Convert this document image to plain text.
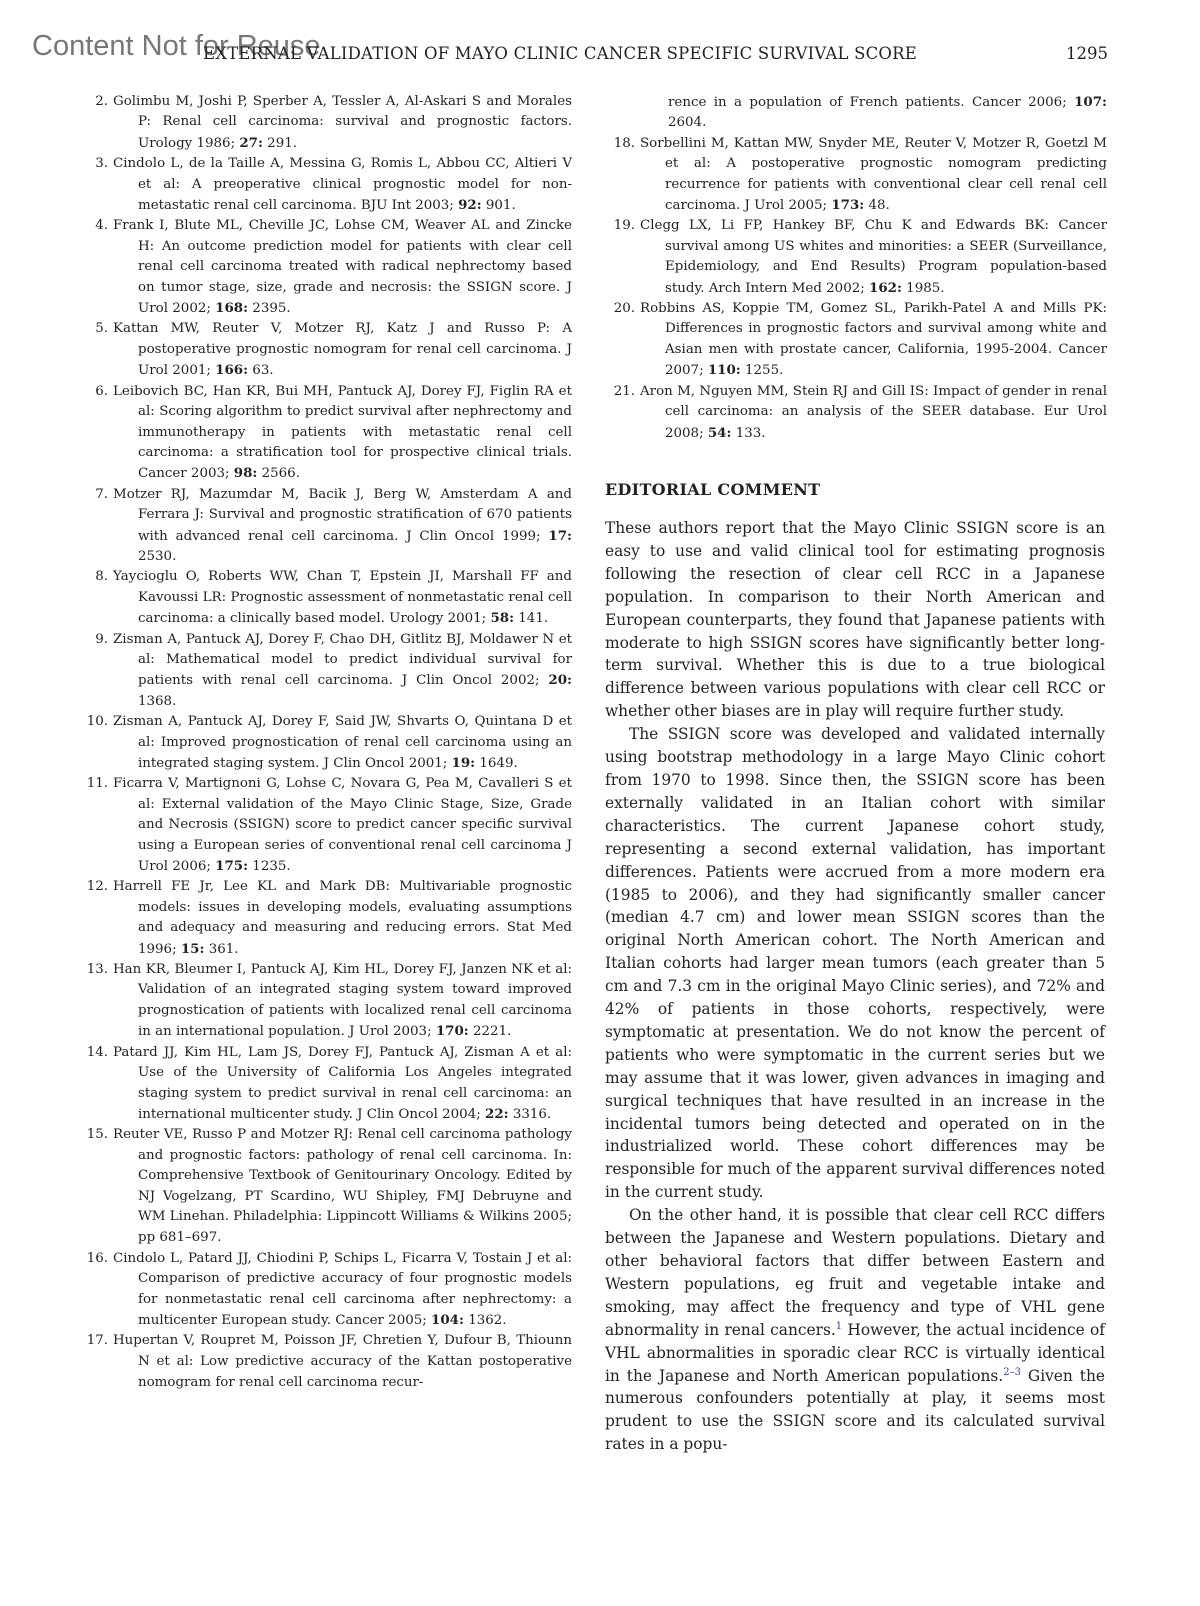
Content Not for Reuse
EXTERNAL VALIDATION OF MAYO CLINIC CANCER SPECIFIC SURVIVAL SCORE	1295
2. Golimbu M, Joshi P, Sperber A, Tessler A, Al-Askari S and Morales P: Renal cell carcinoma: survival and prognostic factors. Urology 1986; 27: 291.
3. Cindolo L, de la Taille A, Messina G, Romis L, Abbou CC, Altieri V et al: A preoperative clinical prognostic model for non-metastatic renal cell carcinoma. BJU Int 2003; 92: 901.
4. Frank I, Blute ML, Cheville JC, Lohse CM, Weaver AL and Zincke H: An outcome prediction model for patients with clear cell renal cell carcinoma treated with radical nephrectomy based on tumor stage, size, grade and necrosis: the SSIGN score. J Urol 2002; 168: 2395.
5. Kattan MW, Reuter V, Motzer RJ, Katz J and Russo P: A postoperative prognostic nomogram for renal cell carcinoma. J Urol 2001; 166: 63.
6. Leibovich BC, Han KR, Bui MH, Pantuck AJ, Dorey FJ, Figlin RA et al: Scoring algorithm to predict survival after nephrectomy and immunotherapy in patients with metastatic renal cell carcinoma: a stratification tool for prospective clinical trials. Cancer 2003; 98: 2566.
7. Motzer RJ, Mazumdar M, Bacik J, Berg W, Amsterdam A and Ferrara J: Survival and prognostic stratification of 670 patients with advanced renal cell carcinoma. J Clin Oncol 1999; 17: 2530.
8. Yaycioglu O, Roberts WW, Chan T, Epstein JI, Marshall FF and Kavoussi LR: Prognostic assessment of nonmetastatic renal cell carcinoma: a clinically based model. Urology 2001; 58: 141.
9. Zisman A, Pantuck AJ, Dorey F, Chao DH, Gitlitz BJ, Moldawer N et al: Mathematical model to predict individual survival for patients with renal cell carcinoma. J Clin Oncol 2002; 20: 1368.
10. Zisman A, Pantuck AJ, Dorey F, Said JW, Shvarts O, Quintana D et al: Improved prognostication of renal cell carcinoma using an integrated staging system. J Clin Oncol 2001; 19: 1649.
11. Ficarra V, Martignoni G, Lohse C, Novara G, Pea M, Cavalleri S et al: External validation of the Mayo Clinic Stage, Size, Grade and Necrosis (SSIGN) score to predict cancer specific survival using a European series of conventional renal cell carcinoma J Urol 2006; 175: 1235.
12. Harrell FE Jr, Lee KL and Mark DB: Multivariable prognostic models: issues in developing models, evaluating assumptions and adequacy and measuring and reducing errors. Stat Med 1996; 15: 361.
13. Han KR, Bleumer I, Pantuck AJ, Kim HL, Dorey FJ, Janzen NK et al: Validation of an integrated staging system toward improved prognostication of patients with localized renal cell carcinoma in an international population. J Urol 2003; 170: 2221.
14. Patard JJ, Kim HL, Lam JS, Dorey FJ, Pantuck AJ, Zisman A et al: Use of the University of California Los Angeles integrated staging system to predict survival in renal cell carcinoma: an international multicenter study. J Clin Oncol 2004; 22: 3316.
15. Reuter VE, Russo P and Motzer RJ: Renal cell carcinoma pathology and prognostic factors: pathology of renal cell carcinoma. In: Comprehensive Textbook of Genitourinary Oncology. Edited by NJ Vogelzang, PT Scardino, WU Shipley, FMJ Debruyne and WM Linehan. Philadelphia: Lippincott Williams & Wilkins 2005; pp 681–697.
16. Cindolo L, Patard JJ, Chiodini P, Schips L, Ficarra V, Tostain J et al: Comparison of predictive accuracy of four prognostic models for nonmetastatic renal cell carcinoma after nephrectomy: a multicenter European study. Cancer 2005; 104: 1362.
17. Hupertan V, Roupret M, Poisson JF, Chretien Y, Dufour B, Thiounn N et al: Low predictive accuracy of the Kattan postoperative nomogram for renal cell carcinoma recur-
rence in a population of French patients. Cancer 2006; 107: 2604.
18. Sorbellini M, Kattan MW, Snyder ME, Reuter V, Motzer R, Goetzl M et al: A postoperative prognostic nomogram predicting recurrence for patients with conventional clear cell renal cell carcinoma. J Urol 2005; 173: 48.
19. Clegg LX, Li FP, Hankey BF, Chu K and Edwards BK: Cancer survival among US whites and minorities: a SEER (Surveillance, Epidemiology, and End Results) Program population-based study. Arch Intern Med 2002; 162: 1985.
20. Robbins AS, Koppie TM, Gomez SL, Parikh-Patel A and Mills PK: Differences in prognostic factors and survival among white and Asian men with prostate cancer, California, 1995-2004. Cancer 2007; 110: 1255.
21. Aron M, Nguyen MM, Stein RJ and Gill IS: Impact of gender in renal cell carcinoma: an analysis of the SEER database. Eur Urol 2008; 54: 133.
EDITORIAL COMMENT

These authors report that the Mayo Clinic SSIGN score is an easy to use and valid clinical tool for estimating prognosis following the resection of clear cell RCC in a Japanese population. In comparison to their North American and European counterparts, they found that Japanese patients with moderate to high SSIGN scores have significantly better long-term survival. Whether this is due to a true biological difference between various populations with clear cell RCC or whether other biases are in play will require further study.

The SSIGN score was developed and validated internally using bootstrap methodology in a large Mayo Clinic cohort from 1970 to 1998. Since then, the SSIGN score has been externally validated in an Italian cohort with similar characteristics. The current Japanese cohort study, representing a second external validation, has important differences. Patients were accrued from a more modern era (1985 to 2006), and they had significantly smaller cancer (median 4.7 cm) and lower mean SSIGN scores than the original North American cohort. The North American and Italian cohorts had larger mean tumors (each greater than 5 cm and 7.3 cm in the original Mayo Clinic series), and 72% and 42% of patients in those cohorts, respectively, were symptomatic at presentation. We do not know the percent of patients who were symptomatic in the current series but we may assume that it was lower, given advances in imaging and surgical techniques that have resulted in an increase in the incidental tumors being detected and operated on in the industrialized world. These cohort differences may be responsible for much of the apparent survival differences noted in the current study.

On the other hand, it is possible that clear cell RCC differs between the Japanese and Western populations. Dietary and other behavioral factors that differ between Eastern and Western populations, eg fruit and vegetable intake and smoking, may affect the frequency and type of VHL gene abnormality in renal cancers.$^1$ However, the actual incidence of VHL abnormalities in sporadic clear RCC is virtually identical in the Japanese and North American populations.$^{2-3}$ Given the numerous confounders potentially at play, it seems most prudent to use the SSIGN score and its calculated survival rates in a popu-
